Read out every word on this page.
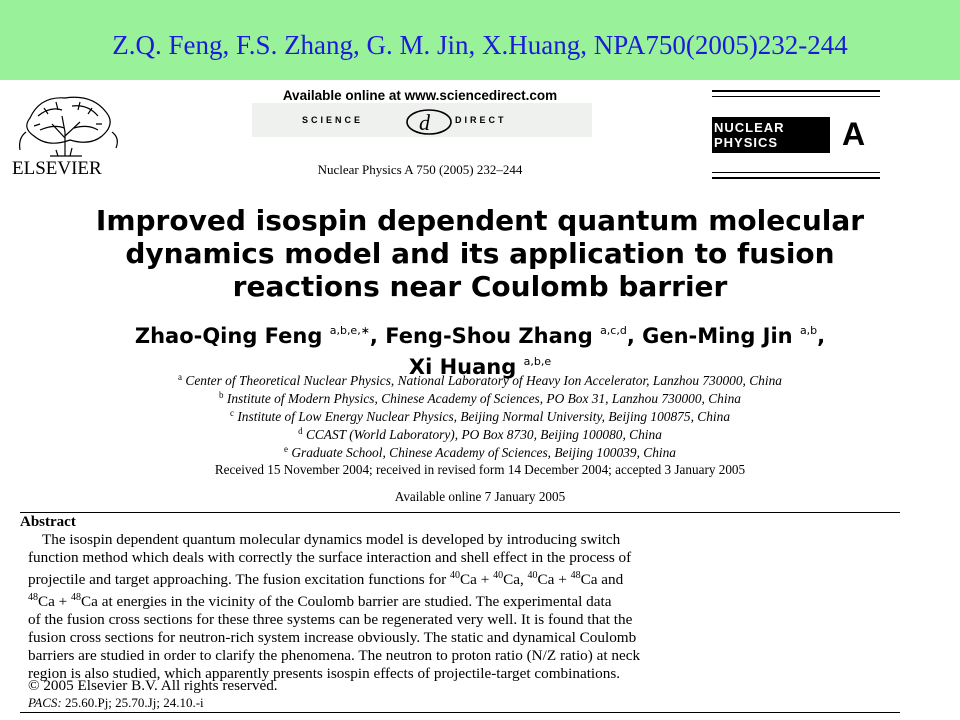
Z.Q. Feng, F.S. Zhang, G. M. Jin, X.Huang, NPA750(2005)232-244
ELSEVIER
Available online at www.sciencedirect.com
SCIENCE	d	DIRECT
Nuclear Physics A 750 (2005) 232–244
NUCLEAR
PHYSICS	A
Improved isospin dependent quantum molecular
dynamics model and its application to fusion
reactions near Coulomb barrier
Zhao-Qing Feng $^{a,b,e,∗}$, Feng-Shou Zhang $^{a,c,d}$, Gen-Ming Jin $^{a,b}$,
Xi Huang $^{a,b,e}$
$^a$ Center of Theoretical Nuclear Physics, National Laboratory of Heavy Ion Accelerator, Lanzhou 730000, China
$^b$ Institute of Modern Physics, Chinese Academy of Sciences, PO Box 31, Lanzhou 730000, China
$^c$ Institute of Low Energy Nuclear Physics, Beijing Normal University, Beijing 100875, China
$^d$ CCAST (World Laboratory), PO Box 8730, Beijing 100080, China
$^e$ Graduate School, Chinese Academy of Sciences, Beijing 100039, China
Received 15 November 2004; received in revised form 14 December 2004; accepted 3 January 2005
Available online 7 January 2005
Abstract
The isospin dependent quantum molecular dynamics model is developed by introducing switch
function method which deals with correctly the surface interaction and shell effect in the process of
projectile and target approaching. The fusion excitation functions for $^{40}$Ca + $^{40}$Ca, $^{40}$Ca + $^{48}$Ca and
$^{48}$Ca + $^{48}$Ca at energies in the vicinity of the Coulomb barrier are studied. The experimental data
of the fusion cross sections for these three systems can be regenerated very well. It is found that the
fusion cross sections for neutron-rich system increase obviously. The static and dynamical Coulomb
barriers are studied in order to clarify the phenomena. The neutron to proton ratio (N/Z ratio) at neck
region is also studied, which apparently presents isospin effects of projectile-target combinations.
© 2005 Elsevier B.V. All rights reserved.
PACS: 25.60.Pj; 25.70.Jj; 24.10.-i
